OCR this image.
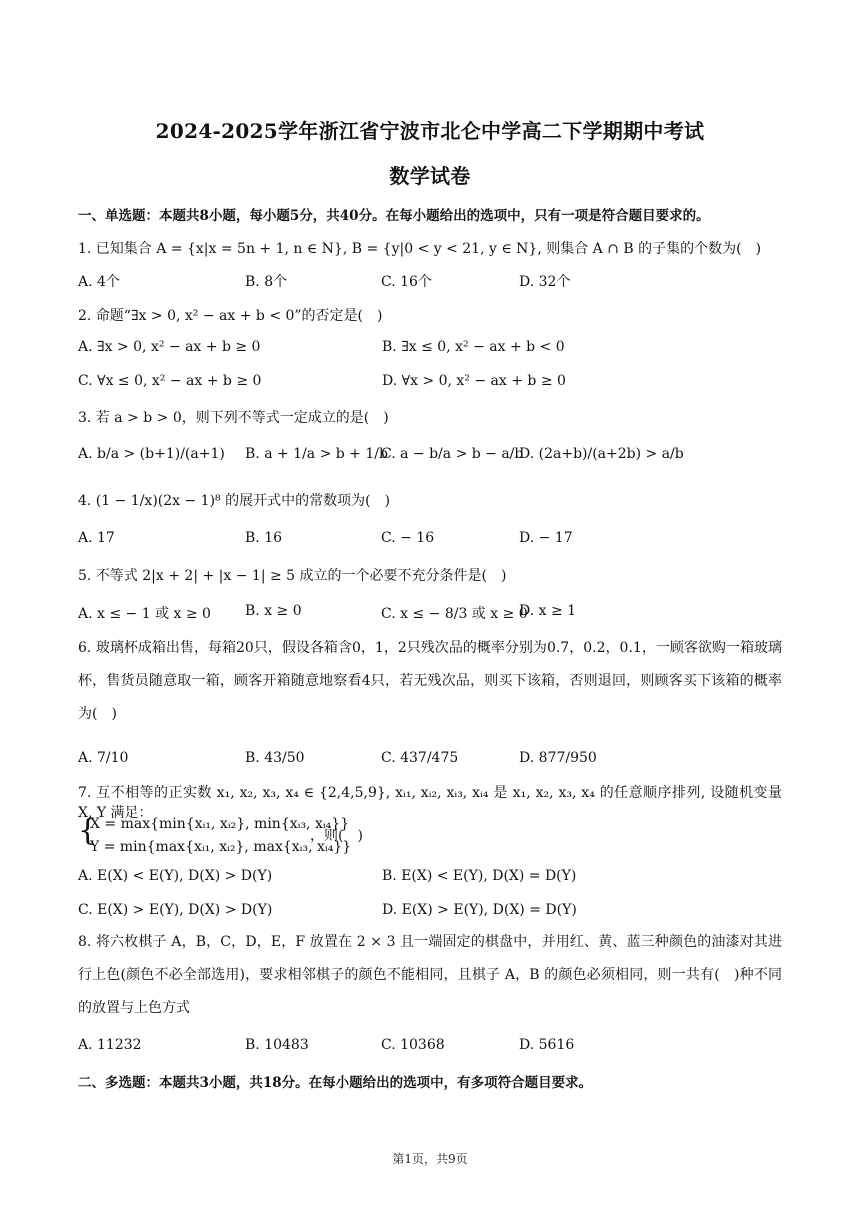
2024-2025学年浙江省宁波市北仑中学高二下学期期中考试
数学试卷
一、单选题：本题共8小题，每小题5分，共40分。在每小题给出的选项中，只有一项是符合题目要求的。
1. 已知集合 A = {x|x = 5n + 1, n ∈ N}, B = {y|0 < y < 21, y ∈ N}, 则集合 A ∩ B 的子集的个数为(　)
A. 4个	B. 8个	C. 16个	D. 32个
2. 命题“∃x > 0, x² − ax + b < 0”的否定是(　)
A. ∃x > 0, x² − ax + b ≥ 0	B. ∃x ≤ 0, x² − ax + b < 0
C. ∀x ≤ 0, x² − ax + b ≥ 0	D. ∀x > 0, x² − ax + b ≥ 0
3. 若 a > b > 0，则下列不等式一定成立的是(　)
A. b/a > (b+1)/(a+1) B. a + 1/a > b + 1/b
C. a − b/a > b − a/b
D. (2a+b)/(a+2b) > a/b
4. (1 − 1/x)(2x − 1)⁸ 的展开式中的常数项为(　)
A. 17	B. 16	C. − 16	D. − 17
5. 不等式 2|x + 2| + |x − 1| ≥ 5 成立的一个必要不充分条件是(　)
A. x ≤ − 1 或 x ≥ 0 B. x ≥ 0	C. x ≤ − 8/3 或 x ≥ 0
D. x ≥ 1
6. 玻璃杯成箱出售，每箱20只，假设各箱含0，1，2只残次品的概率分别为0.7，0.2，0.1，一顾客欲购一箱玻璃杯，售货员随意取一箱，顾客开箱随意地察看4只，若无残次品，则买下该箱，否则退回，则顾客买下该箱的概率为(　)
A. 7/10	B. 43/50	C. 437/475	D. 877/950
7. 互不相等的正实数 x₁, x₂, x₃, x₄ ∈ {2,4,5,9}, xᵢ₁, xᵢ₂, xᵢ₃, xᵢ₄ 是 x₁, x₂, x₃, x₄ 的任意顺序排列, 设随机变量 X, Y 满足：
{
X = max{min{xᵢ₁, xᵢ₂}, min{xᵢ₃, xᵢ₄}}
Y = min{max{xᵢ₁, xᵢ₂}, max{xᵢ₃, xᵢ₄}}
，则(　)
A. E(X) < E(Y), D(X) > D(Y)	B. E(X) < E(Y), D(X) = D(Y)
C. E(X) > E(Y), D(X) > D(Y)	D. E(X) > E(Y), D(X) = D(Y)
8. 将六枚棋子 A，B，C，D，E，F 放置在 2 × 3 且一端固定的棋盘中，并用红、黄、蓝三种颜色的油漆对其进行上色(颜色不必全部选用)，要求相邻棋子的颜色不能相同，且棋子 A，B 的颜色必须相同，则一共有(　)种不同的放置与上色方式
A. 11232	B. 10483	C. 10368	D. 5616
二、多选题：本题共3小题，共18分。在每小题给出的选项中，有多项符合题目要求。
第1页，共9页
